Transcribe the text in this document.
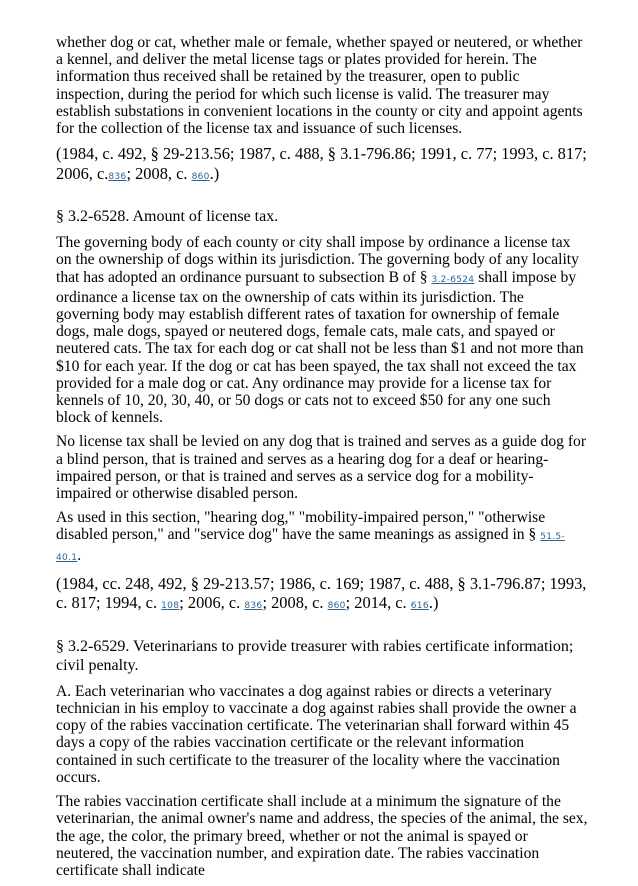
whether dog or cat, whether male or female, whether spayed or neutered, or whether a kennel, and deliver the metal license tags or plates provided for herein. The information thus received shall be retained by the treasurer, open to public inspection, during the period for which such license is valid. The treasurer may establish substations in convenient locations in the county or city and appoint agents for the collection of the license tax and issuance of such licenses.

(1984, c. 492, § 29-213.56; 1987, c. 488, § 3.1-796.86; 1991, c. 77; 1993, c. 817; 2006, c.836; 2008, c. 860.)

§ 3.2-6528. Amount of license tax.

The governing body of each county or city shall impose by ordinance a license tax on the ownership of dogs within its jurisdiction. The governing body of any locality that has adopted an ordinance pursuant to subsection B of § 3.2-6524 shall impose by ordinance a license tax on the ownership of cats within its jurisdiction. The governing body may establish different rates of taxation for ownership of female dogs, male dogs, spayed or neutered dogs, female cats, male cats, and spayed or neutered cats. The tax for each dog or cat shall not be less than $1 and not more than $10 for each year. If the dog or cat has been spayed, the tax shall not exceed the tax provided for a male dog or cat. Any ordinance may provide for a license tax for kennels of 10, 20, 30, 40, or 50 dogs or cats not to exceed $50 for any one such block of kennels.

No license tax shall be levied on any dog that is trained and serves as a guide dog for a blind person, that is trained and serves as a hearing dog for a deaf or hearing-impaired person, or that is trained and serves as a service dog for a mobility-impaired or otherwise disabled person.

As used in this section, "hearing dog," "mobility-impaired person," "otherwise disabled person," and "service dog" have the same meanings as assigned in § 51.5-40.1.

(1984, cc. 248, 492, § 29-213.57; 1986, c. 169; 1987, c. 488, § 3.1-796.87; 1993, c. 817; 1994, c. 108; 2006, c. 836; 2008, c. 860; 2014, c. 616.)

§ 3.2-6529. Veterinarians to provide treasurer with rabies certificate information; civil penalty.

A. Each veterinarian who vaccinates a dog against rabies or directs a veterinary technician in his employ to vaccinate a dog against rabies shall provide the owner a copy of the rabies vaccination certificate. The veterinarian shall forward within 45 days a copy of the rabies vaccination certificate or the relevant information contained in such certificate to the treasurer of the locality where the vaccination occurs.

The rabies vaccination certificate shall include at a minimum the signature of the veterinarian, the animal owner's name and address, the species of the animal, the sex, the age, the color, the primary breed, whether or not the animal is spayed or neutered, the vaccination number, and expiration date. The rabies vaccination certificate shall indicate
